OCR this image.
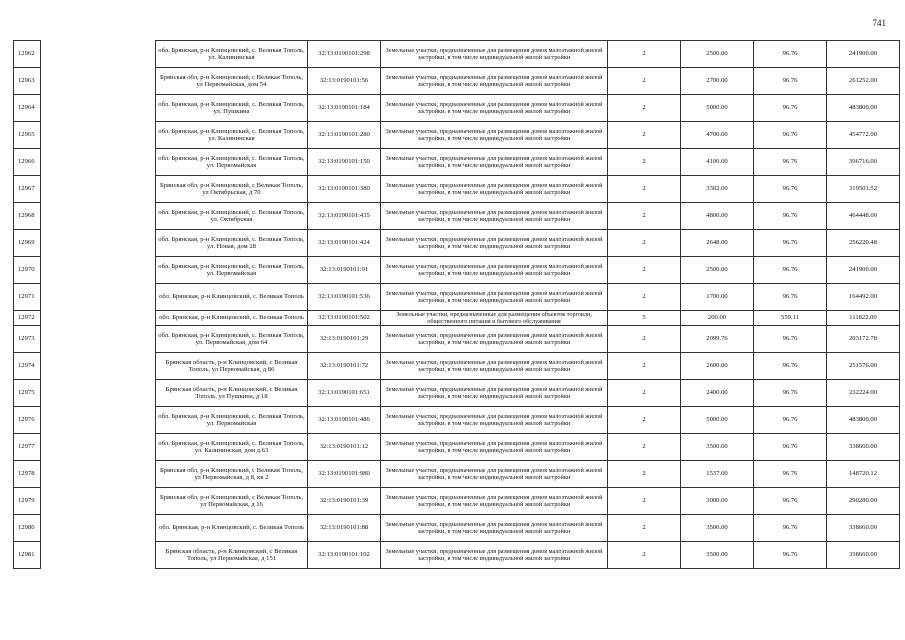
741
12962		обл. Брянская, р-н Клинцовский, с. Великая Тополь, ул. Калининская	32:13:0190101:298	Земельные участки, предназначенные для размещения домов малоэтажной жилой застройки, в том числе индивидуальной жилой застройки	2	2500.00	96.76	241900.00
12963		Брянская обл, р-н Клинцовский, с Великая Тополь, ул Первомайская, дом 54	32:13:0190101:56	Земельные участки, предназначенные для размещения домов малоэтажной жилой застройки, в том числе индивидуальной жилой застройки	2	2700.00	96.76	261252.00
12964		обл. Брянская, р-н Клинцовский, с. Великая Тополь, ул. Пушкина	32:13:0190101:184	Земельные участки, предназначенные для размещения домов малоэтажной жилой застройки, в том числе индивидуальной жилой застройки	2	5000.00	96.76	483800.00
12965		обл. Брянская, р-н Клинцовский, с. Великая Тополь, ул. Калининская	32:13:0190101:280	Земельные участки, предназначенные для размещения домов малоэтажной жилой застройки, в том числе индивидуальной жилой застройки	2	4700.00	96.76	454772.00
12966		обл. Брянская, р-н Клинцовский, с. Великая Тополь, ул. Первомайская	32:13:0190101:150	Земельные участки, предназначенные для размещения домов малоэтажной жилой застройки, в том числе индивидуальной жилой застройки	2	4100.00	96.76	396716.00
12967		Брянская обл, р-н Клинцовский, с Великая Тополь, ул Октябрьская, д 70	32:13:0190101:380	Земельные участки, предназначенные для размещения домов малоэтажной жилой застройки, в том числе индивидуальной жилой застройки	2	3302.00	96.76	319501.52
12968		обл. Брянская, р-н Клинцовский, с. Великая Тополь, ул. Октябрская	32:13:0190101:435	Земельные участки, предназначенные для размещения домов малоэтажной жилой застройки, в том числе индивидуальной жилой застройки	2	4800.00	96.76	464448.00
12969		обл. Брянская, р-н Клинцовский, с. Великая Тополь, ул. Новая, дом 28	32:13:0190101:424	Земельные участки, предназначенные для размещения домов малоэтажной жилой застройки, в том числе индивидуальной жилой застройки	2	2648.00	96.76	256220.48
12970		обл. Брянская, р-н Клинцовский, с. Великая Тополь, ул. Первомайская	32:13:0190101:91	Земельные участки, предназначенные для размещения домов малоэтажной жилой застройки, в том числе индивидуальной жилой застройки	2	2500.00	96.76	241900.00
12971		обл. Брянская, р-н Клинцовский, с. Великая Тополь	32:13:0190101:536	Земельные участки, предназначенные для размещения домов малоэтажной жилой застройки, в том числе индивидуальной жилой застройки	2	1700.00	96.76	164492.00
12972		обл. Брянская, р-н Клинцовский, с. Великая Тополь	32:13:0190101:502	Земельные участки, предназначенные для размещения объектов торговли, общественного питания и бытового обслуживания	5	200.00	559.11	111822.00
12973		обл. Брянская, р-н Клинцовский, с. Великая Тополь, ул. Первомайская, дом 64	32:13:0190101:29	Земельные участки, предназначенные для размещения домов малоэтажной жилой застройки, в том числе индивидуальной жилой застройки	2	2099.76	96.76	203172.78
12974		Брянская область, р-н Клинцовский, с Великая Тополь, ул Первомайская, д 86	32:13:0190101:72	Земельные участки, предназначенные для размещения домов малоэтажной жилой застройки, в том числе индивидуальной жилой застройки	2	2600.00	96.76	251576.00
12975		Брянская область, р-н Клинцовский, с Великая Тополь, ул Пушкина, д 18	32:13:0190101:651	Земельные участки, предназначенные для размещения домов малоэтажной жилой застройки, в том числе индивидуальной жилой застройки	2	2400.00	96.76	232224.00
12976		обл. Брянская, р-н Клинцовский, с. Великая Тополь, ул. Первомайская	32:13:0190101:486	Земельные участки, предназначенные для размещения домов малоэтажной жилой застройки, в том числе индивидуальной жилой застройки	2	5000.00	96.76	483800.00
12977		обл. Брянская, р-н Клинцовский, с. Великая Тополь, ул. Калининская, дом д.63	32:13:0190101:12	Земельные участки, предназначенные для размещения домов малоэтажной жилой застройки, в том числе индивидуальной жилой застройки	2	3500.00	96.76	338660.00
12978		Брянская обл, р-н Клинцовский, с Великая Тополь, ул Первомайская, д 8, кв 2	32:13:0190101:980	Земельные участки, предназначенные для размещения домов малоэтажной жилой застройки, в том числе индивидуальной жилой застройки	2	1537.00	96.76	148720.12
12979		Брянская обл, р-н Клинцовский, с Великая Тополь, ул Первомайская, д 16	32:13:0190101:39	Земельные участки, предназначенные для размещения домов малоэтажной жилой застройки, в том числе индивидуальной жилой застройки	2	3000.00	96.76	290280.00
12980		обл. Брянская, р-н Клинцовский, с. Великая Тополь	32:13:0190101:88	Земельные участки, предназначенные для размещения домов малоэтажной жилой застройки, в том числе индивидуальной жилой застройки	2	3500.00	96.76	338660.00
12981		Брянская область, р-н Клинцовский, с Великая Тополь, ул Первомайская, д 151	32:13:0190101:102	Земельные участки, предназначенные для размещения домов малоэтажной жилой застройки, в том числе индивидуальной жилой застройки	2	3500.00	96.76	338660.00
